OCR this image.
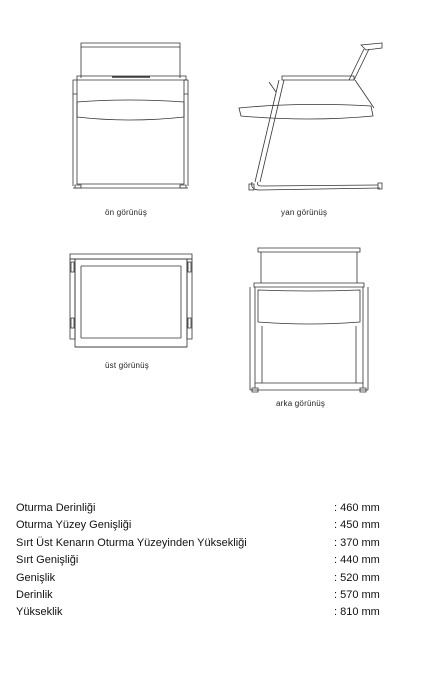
ön görünüş	yan görünüş
üst görünüş
arka görünüş
Oturma Derinliği	: 460 mm
Oturma Yüzey Genişliği	: 450 mm
Sırt Üst Kenarın Oturma Yüzeyinden Yüksekliği	: 370 mm
Sırt Genişliği	: 440 mm
Genişlik	: 520 mm
Derinlik	: 570 mm
Yükseklik	: 810 mm
